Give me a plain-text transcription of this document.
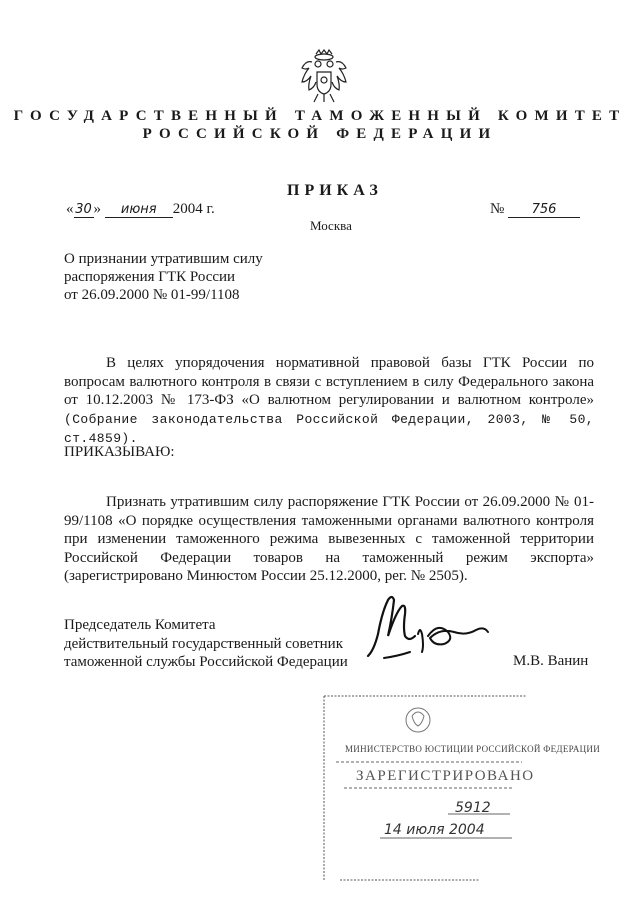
ГОСУДАРСТВЕННЫЙ ТАМОЖЕННЫЙ КОМИТЕТ
РОССИЙСКОЙ ФЕДЕРАЦИИ
ПРИКАЗ
« 30 » июня 2004 г.	№ 756
Москва
О признании утратившим силу
распоряжения ГТК России
от 26.09.2000 № 01-99/1108
В целях упорядочения нормативной правовой базы ГТК России по вопросам валютного контроля в связи с вступлением в силу Федерального закона от 10.12.2003 № 173-ФЗ «О валютном регулировании и валютном контроле» (Собрание законодательства Российской Федерации, 2003, № 50, ст.4859).
ПРИКАЗЫВАЮ:
Признать утратившим силу распоряжение ГТК России от 26.09.2000 № 01-99/1108 «О порядке осуществления таможенными органами валютного контроля при изменении таможенного режима вывезенных с таможенной территории Российской Федерации товаров на таможенный режим экспорта» (зарегистрировано Минюстом России 25.12.2000, рег. № 2505).
Председатель Комитета
действительный государственный советник
таможенной службы Российской Федерации	М.В. Ванин
МИНИСТЕРСТВО ЮСТИЦИИ РОССИЙСКОЙ ФЕДЕРАЦИИ
ЗАРЕГИСТРИРОВАНО
5912
14 июля 2004
